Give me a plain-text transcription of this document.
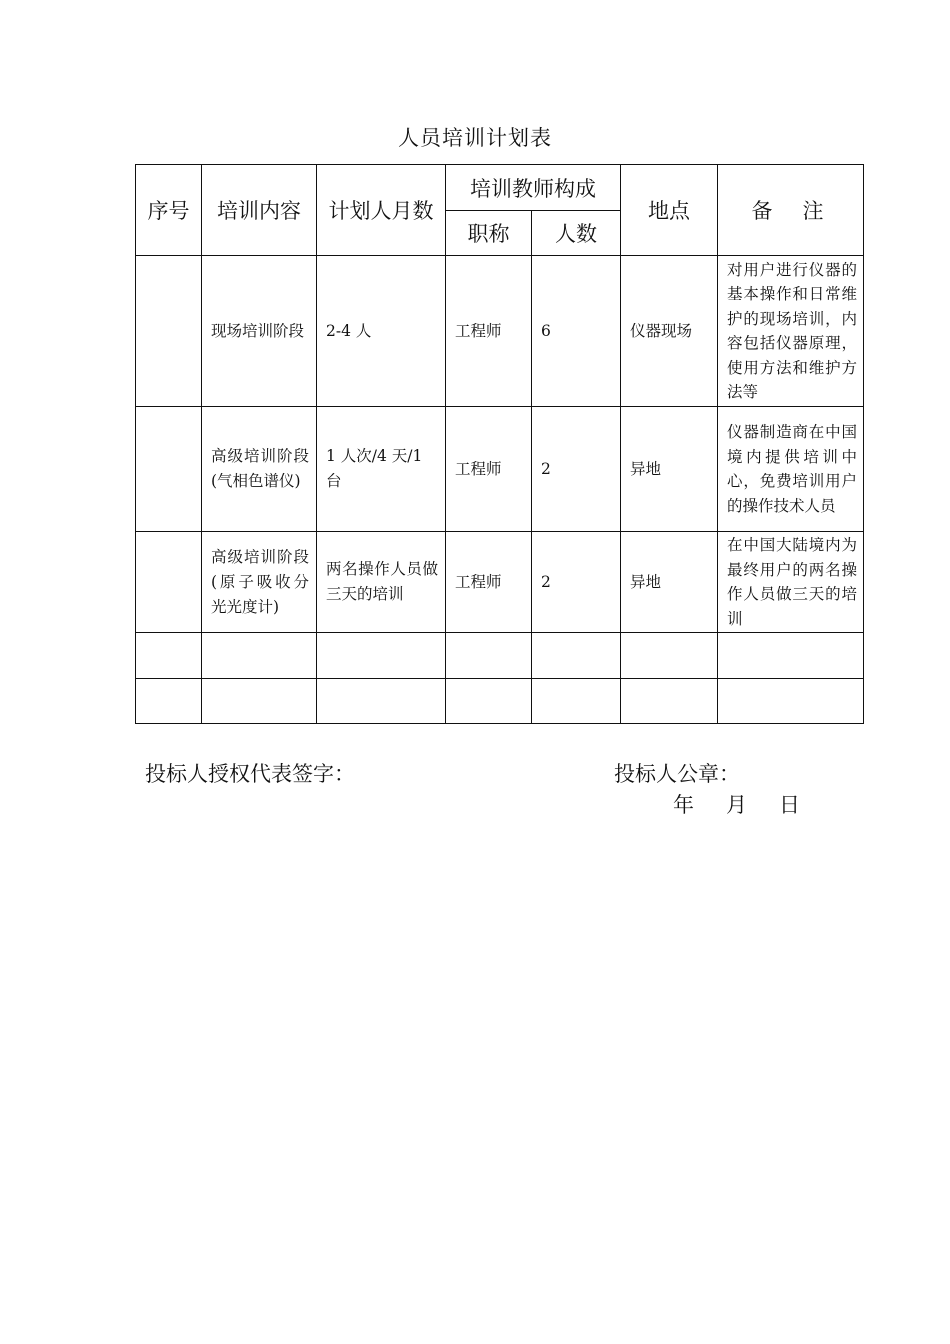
人员培训计划表
序号	培训内容	计划人月数	培训教师构成		地点	备注
			职称	人数		
	现场培训阶段	2-4 人	工程师	6	仪器现场	对用户进行仪器的基本操作和日常维护的现场培训，内容包括仪器原理，使用方法和维护方法等
	高级培训阶段(气相色谱仪)	1 人次/4 天/1 台	工程师	2	异地	仪器制造商在中国境内提供培训中心，免费培训用户的操作技术人员
	高级培训阶段(原子吸收分光光度计)	两名操作人员做三天的培训	工程师	2	异地	在中国大陆境内为最终用户的两名操作人员做三天的培训

投标人授权代表签字：	投标人公章：
年 月 日
